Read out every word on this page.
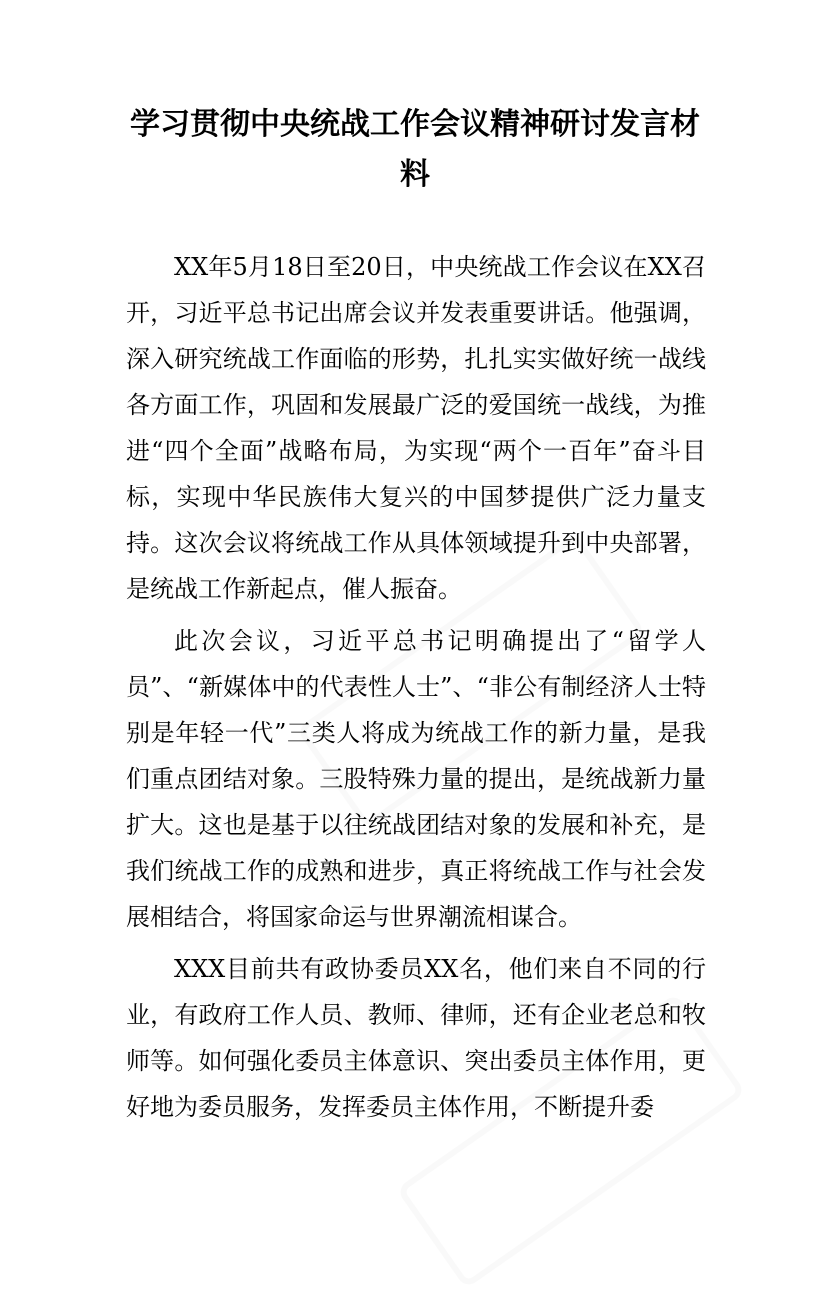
学习贯彻中央统战工作会议精神研讨发言材料

XX年5月18日至20日，中央统战工作会议在XX召开，习近平总书记出席会议并发表重要讲话。他强调，深入研究统战工作面临的形势，扎扎实实做好统一战线各方面工作，巩固和发展最广泛的爱国统一战线，为推进“四个全面”战略布局，为实现“两个一百年”奋斗目标，实现中华民族伟大复兴的中国梦提供广泛力量支持。这次会议将统战工作从具体领域提升到中央部署，是统战工作新起点，催人振奋。

此次会议，习近平总书记明确提出了“留学人员”、“新媒体中的代表性人士”、“非公有制经济人士特别是年轻一代”三类人将成为统战工作的新力量，是我们重点团结对象。三股特殊力量的提出，是统战新力量扩大。这也是基于以往统战团结对象的发展和补充，是我们统战工作的成熟和进步，真正将统战工作与社会发展相结合，将国家命运与世界潮流相谋合。

XXX目前共有政协委员XX名，他们来自不同的行业，有政府工作人员、教师、律师，还有企业老总和牧师等。如何强化委员主体意识、突出委员主体作用，更好地为委员服务，发挥委员主体作用，不断提升委
